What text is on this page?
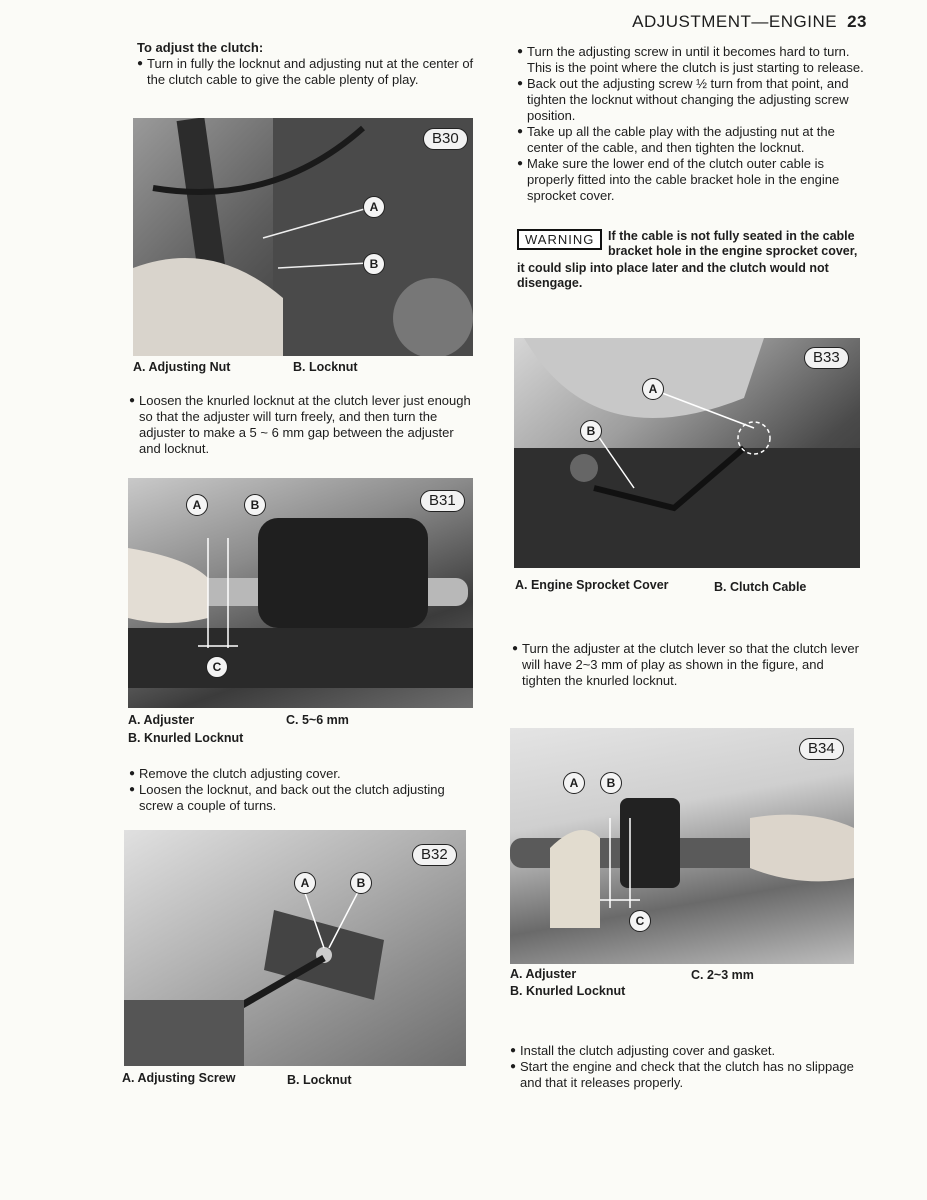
ADJUSTMENT—ENGINE 23
To adjust the clutch:
● Turn in fully the locknut and adjusting nut at the center of the clutch cable to give the cable plenty of play.
B30
A
B
A. Adjusting Nut	B. Locknut
● Loosen the knurled locknut at the clutch lever just enough so that the adjuster will turn freely, and then turn the adjuster to make a 5 ~ 6 mm gap between the adjuster and locknut.
B31
A	B
C
A. Adjuster	C. 5~6 mm
B. Knurled Locknut
● Remove the clutch adjusting cover.
● Loosen the locknut, and back out the clutch adjusting screw a couple of turns.
B32
A	B
A. Adjusting Screw	B. Locknut
● Turn the adjusting screw in until it becomes hard to turn. This is the point where the clutch is just starting to release.
● Back out the adjusting screw ½ turn from that point, and tighten the locknut without changing the adjusting screw position.
● Take up all the cable play with the adjusting nut at the center of the cable, and then tighten the locknut.
● Make sure the lower end of the clutch outer cable is properly fitted into the cable bracket hole in the engine sprocket cover.
WARNING	If the cable is not fully seated in the cable
bracket hole in the engine sprocket cover,
it could slip into place later and the clutch would not disengage.
B33
A
B
A. Engine Sprocket Cover	B. Clutch Cable
● Turn the adjuster at the clutch lever so that the clutch lever will have 2~3 mm of play as shown in the figure, and tighten the knurled locknut.
B34
A	B
C
A. Adjuster	C. 2~3 mm
B. Knurled Locknut
● Install the clutch adjusting cover and gasket.
● Start the engine and check that the clutch has no slippage and that it releases properly.
